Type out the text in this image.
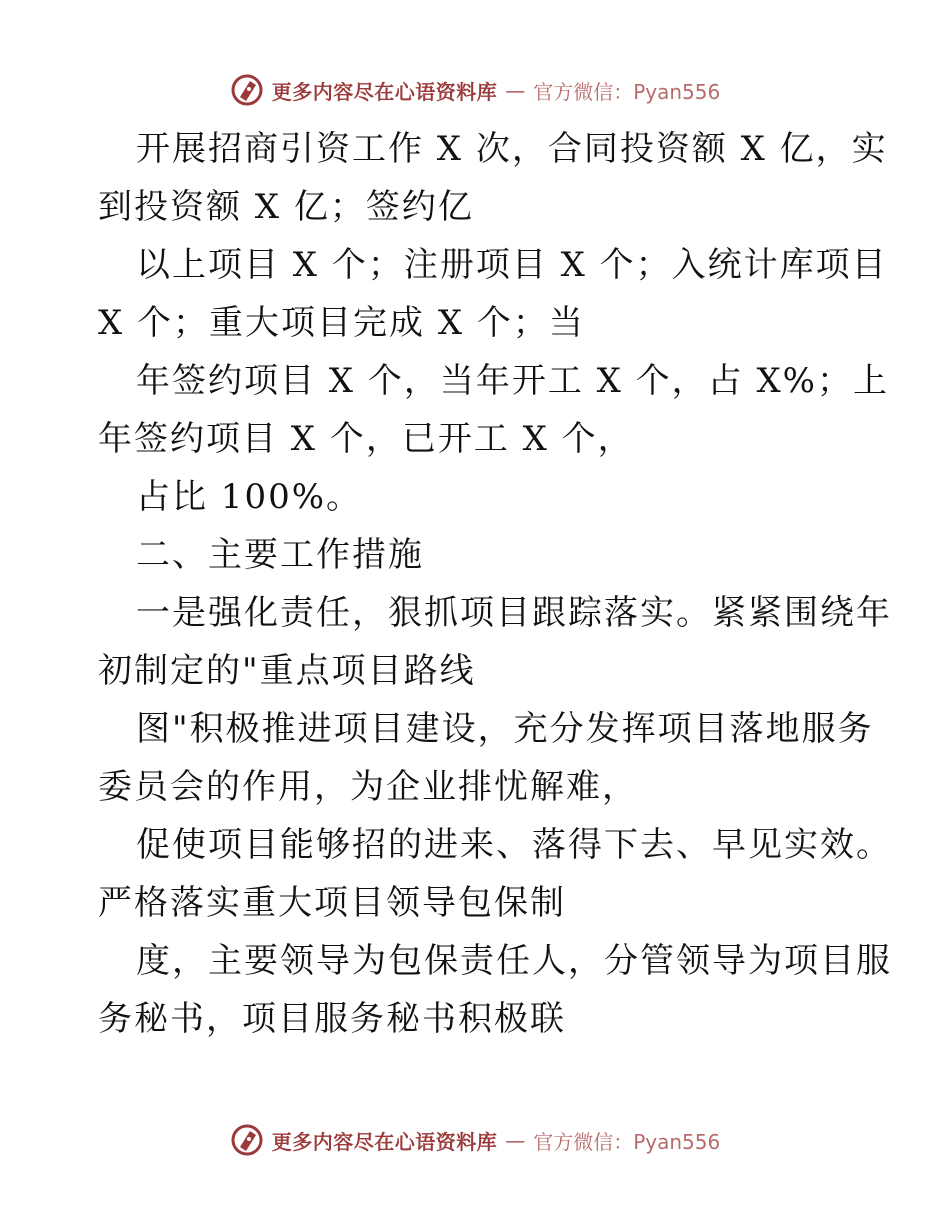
更多内容尽在心语资料库 — 官方微信：Pyan556
开展招商引资工作 X 次，合同投资额 X 亿，实
到投资额 X 亿；签约亿
以上项目 X 个；注册项目 X 个；入统计库项目
X 个；重大项目完成 X 个；当
年签约项目 X 个，当年开工 X 个，占 X%；上
年签约项目 X 个，已开工 X 个，
占比 100%。
二、主要工作措施
一是强化责任，狠抓项目跟踪落实。紧紧围绕年
初制定的"重点项目路线
图"积极推进项目建设，充分发挥项目落地服务
委员会的作用，为企业排忧解难，
促使项目能够招的进来、落得下去、早见实效。
严格落实重大项目领导包保制
度，主要领导为包保责任人，分管领导为项目服
务秘书，项目服务秘书积极联
更多内容尽在心语资料库 — 官方微信：Pyan556
